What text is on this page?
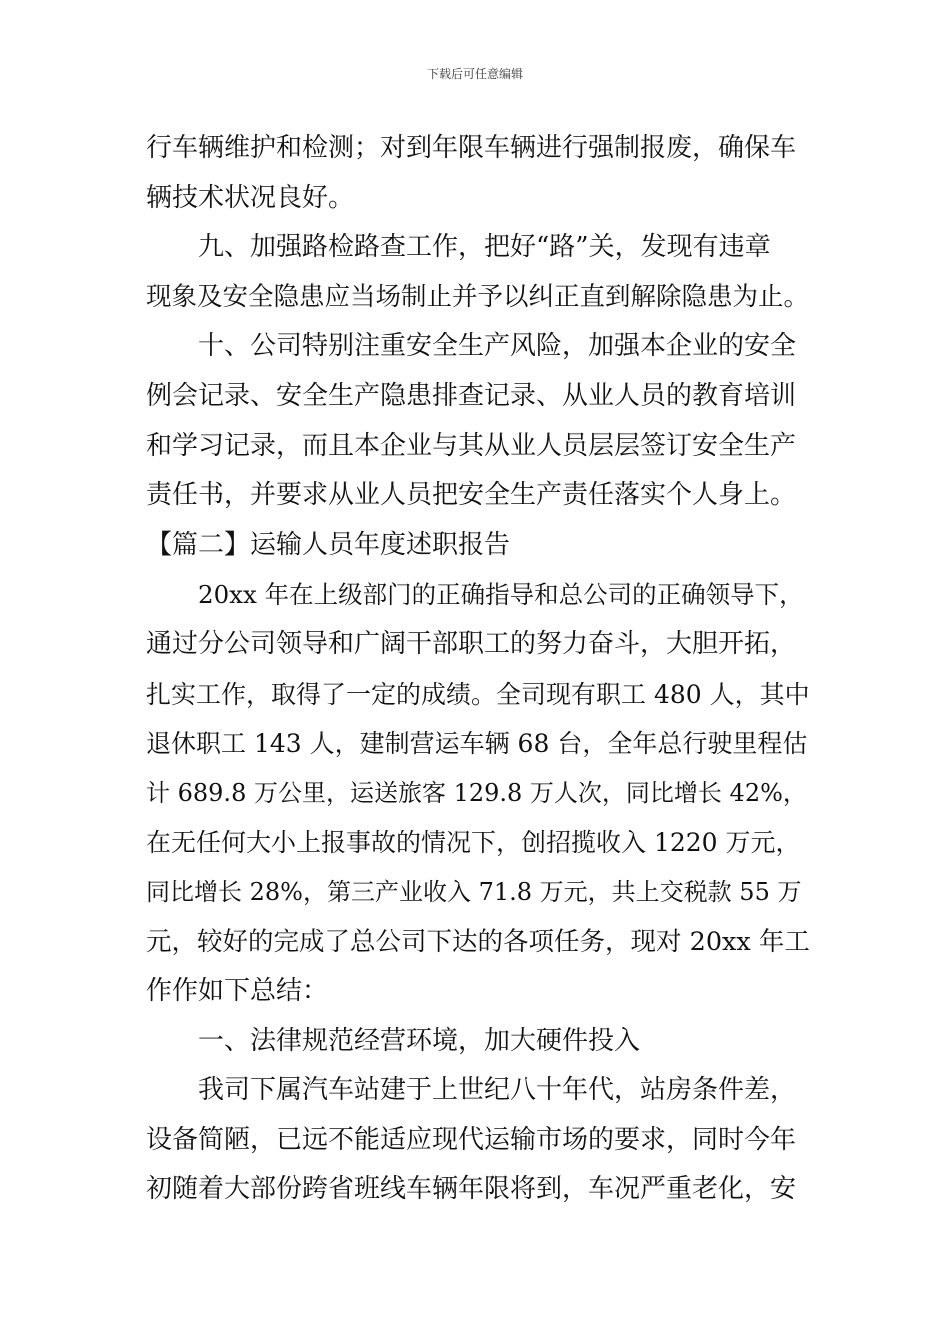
下载后可任意编辑
行车辆维护和检测；对到年限车辆进行强制报废，确保车
辆技术状况良好。
九、加强路检路查工作，把好“路”关，发现有违章
现象及安全隐患应当场制止并予以纠正直到解除隐患为止。
十、公司特别注重安全生产风险，加强本企业的安全
例会记录、安全生产隐患排查记录、从业人员的教育培训
和学习记录，而且本企业与其从业人员层层签订安全生产
责任书，并要求从业人员把安全生产责任落实个人身上。
【篇二】运输人员年度述职报告
20xx 年在上级部门的正确指导和总公司的正确领导下，
通过分公司领导和广阔干部职工的努力奋斗，大胆开拓，
扎实工作，取得了一定的成绩。全司现有职工 480 人，其中
退休职工 143 人，建制营运车辆 68 台，全年总行驶里程估
计 689.8 万公里，运送旅客 129.8 万人次，同比增长 42%，
在无任何大小上报事故的情况下，创招揽收入 1220 万元，
同比增长 28%，第三产业收入 71.8 万元，共上交税款 55 万
元，较好的完成了总公司下达的各项任务，现对 20xx 年工
作作如下总结：
一、法律规范经营环境，加大硬件投入
我司下属汽车站建于上世纪八十年代，站房条件差，
设备简陋，已远不能适应现代运输市场的要求，同时今年
初随着大部份跨省班线车辆年限将到，车况严重老化，安
